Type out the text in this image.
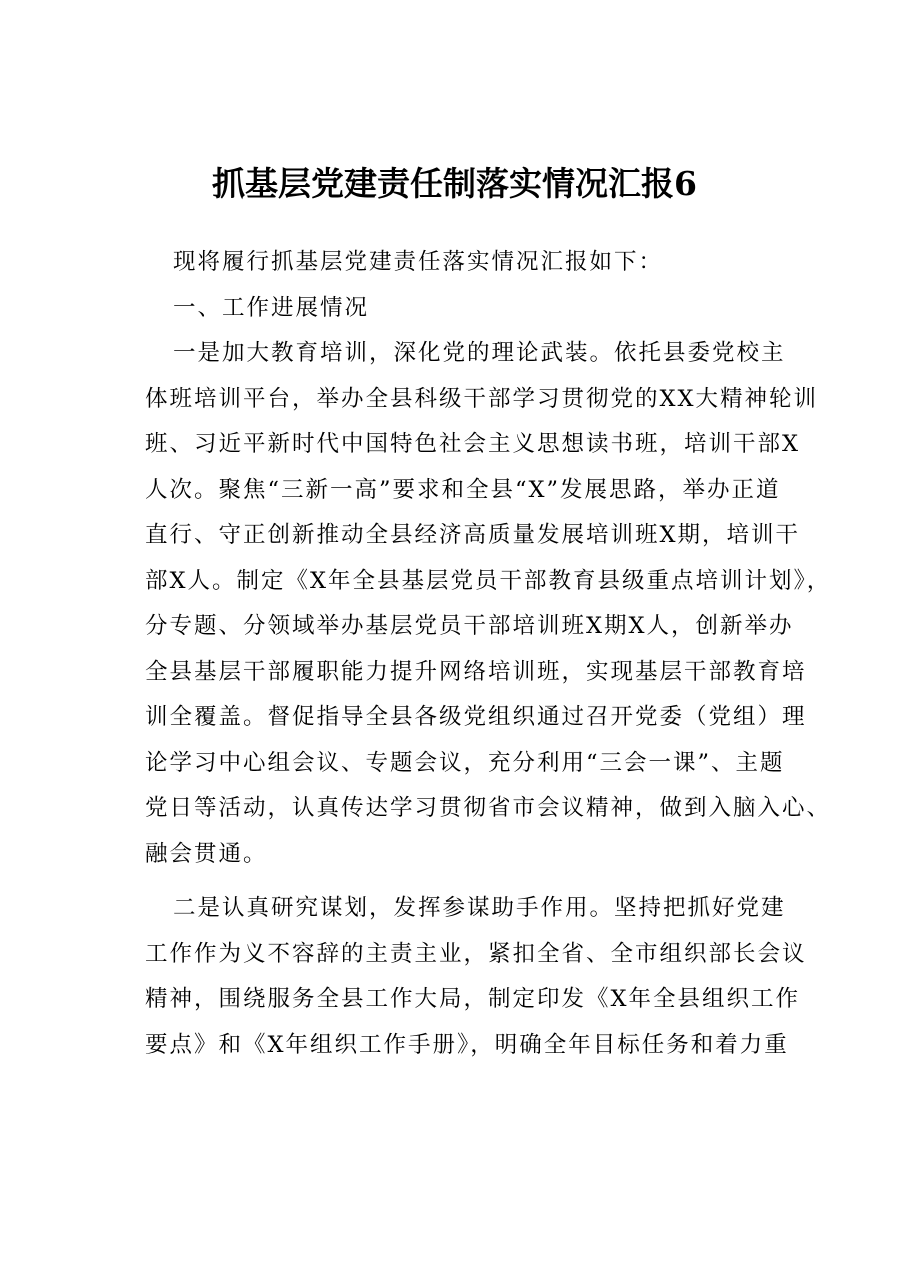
抓基层党建责任制落实情况汇报6
现将履行抓基层党建责任落实情况汇报如下：
一、工作进展情况
一是加大教育培训，深化党的理论武装。依托县委党校主
体班培训平台，举办全县科级干部学习贯彻党的XX大精神轮训
班、习近平新时代中国特色社会主义思想读书班，培训干部X
人次。聚焦“三新一高”要求和全县“X”发展思路，举办正道
直行、守正创新推动全县经济高质量发展培训班X期，培训干
部X人。制定《X年全县基层党员干部教育县级重点培训计划》，
分专题、分领域举办基层党员干部培训班X期X人，创新举办
全县基层干部履职能力提升网络培训班，实现基层干部教育培
训全覆盖。督促指导全县各级党组织通过召开党委（党组）理
论学习中心组会议、专题会议，充分利用“三会一课”、主题
党日等活动，认真传达学习贯彻省市会议精神，做到入脑入心、
融会贯通。
二是认真研究谋划，发挥参谋助手作用。坚持把抓好党建
工作作为义不容辞的主责主业，紧扣全省、全市组织部长会议
精神，围绕服务全县工作大局，制定印发《X年全县组织工作
要点》和《X年组织工作手册》，明确全年目标任务和着力重
